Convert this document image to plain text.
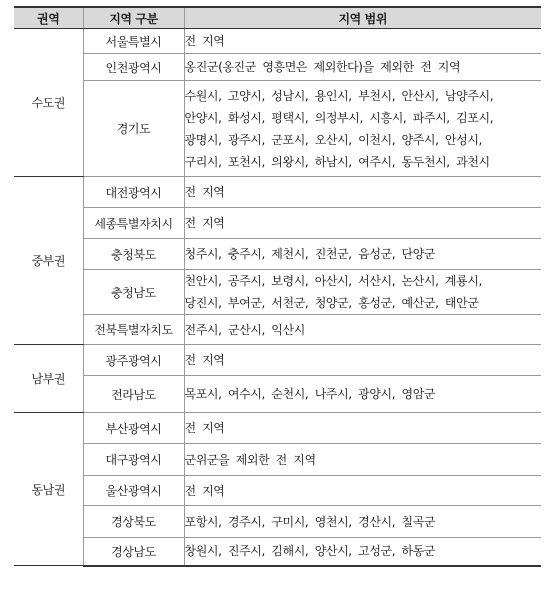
권역	지역 구분	지역 범위
수도권	서울특별시	전 지역

	인천광역시	옹진군(옹진군 영흥면은 제외한다)을 제외한 전 지역

	경기도	수원시, 고양시, 성남시, 용인시, 부천시, 안산시, 남양주시,
안양시, 화성시, 평택시, 의정부시, 시흥시, 파주시, 김포시,
광명시, 광주시, 군포시, 오산시, 이천시, 양주시, 안성시,
구리시, 포천시, 의왕시, 하남시, 여주시, 동두천시, 과천시

중부권	대전광역시	전 지역

	세종특별자치시	전 지역

	충청북도	청주시, 충주시, 제천시, 진천군, 음성군, 단양군

	충청남도	천안시, 공주시, 보령시, 아산시, 서산시, 논산시, 계룡시,
당진시, 부여군, 서천군, 청양군, 홍성군, 예산군, 태안군

	전북특별자치도	전주시, 군산시, 익산시

남부권	광주광역시	전 지역

	전라남도	목포시, 여수시, 순천시, 나주시, 광양시, 영암군

동남권	부산광역시	전 지역

	대구광역시	군위군을 제외한 전 지역

	울산광역시	전 지역

	경상북도	포항시, 경주시, 구미시, 영천시, 경산시, 칠곡군

	경상남도	창원시, 진주시, 김해시, 양산시, 고성군, 하동군
